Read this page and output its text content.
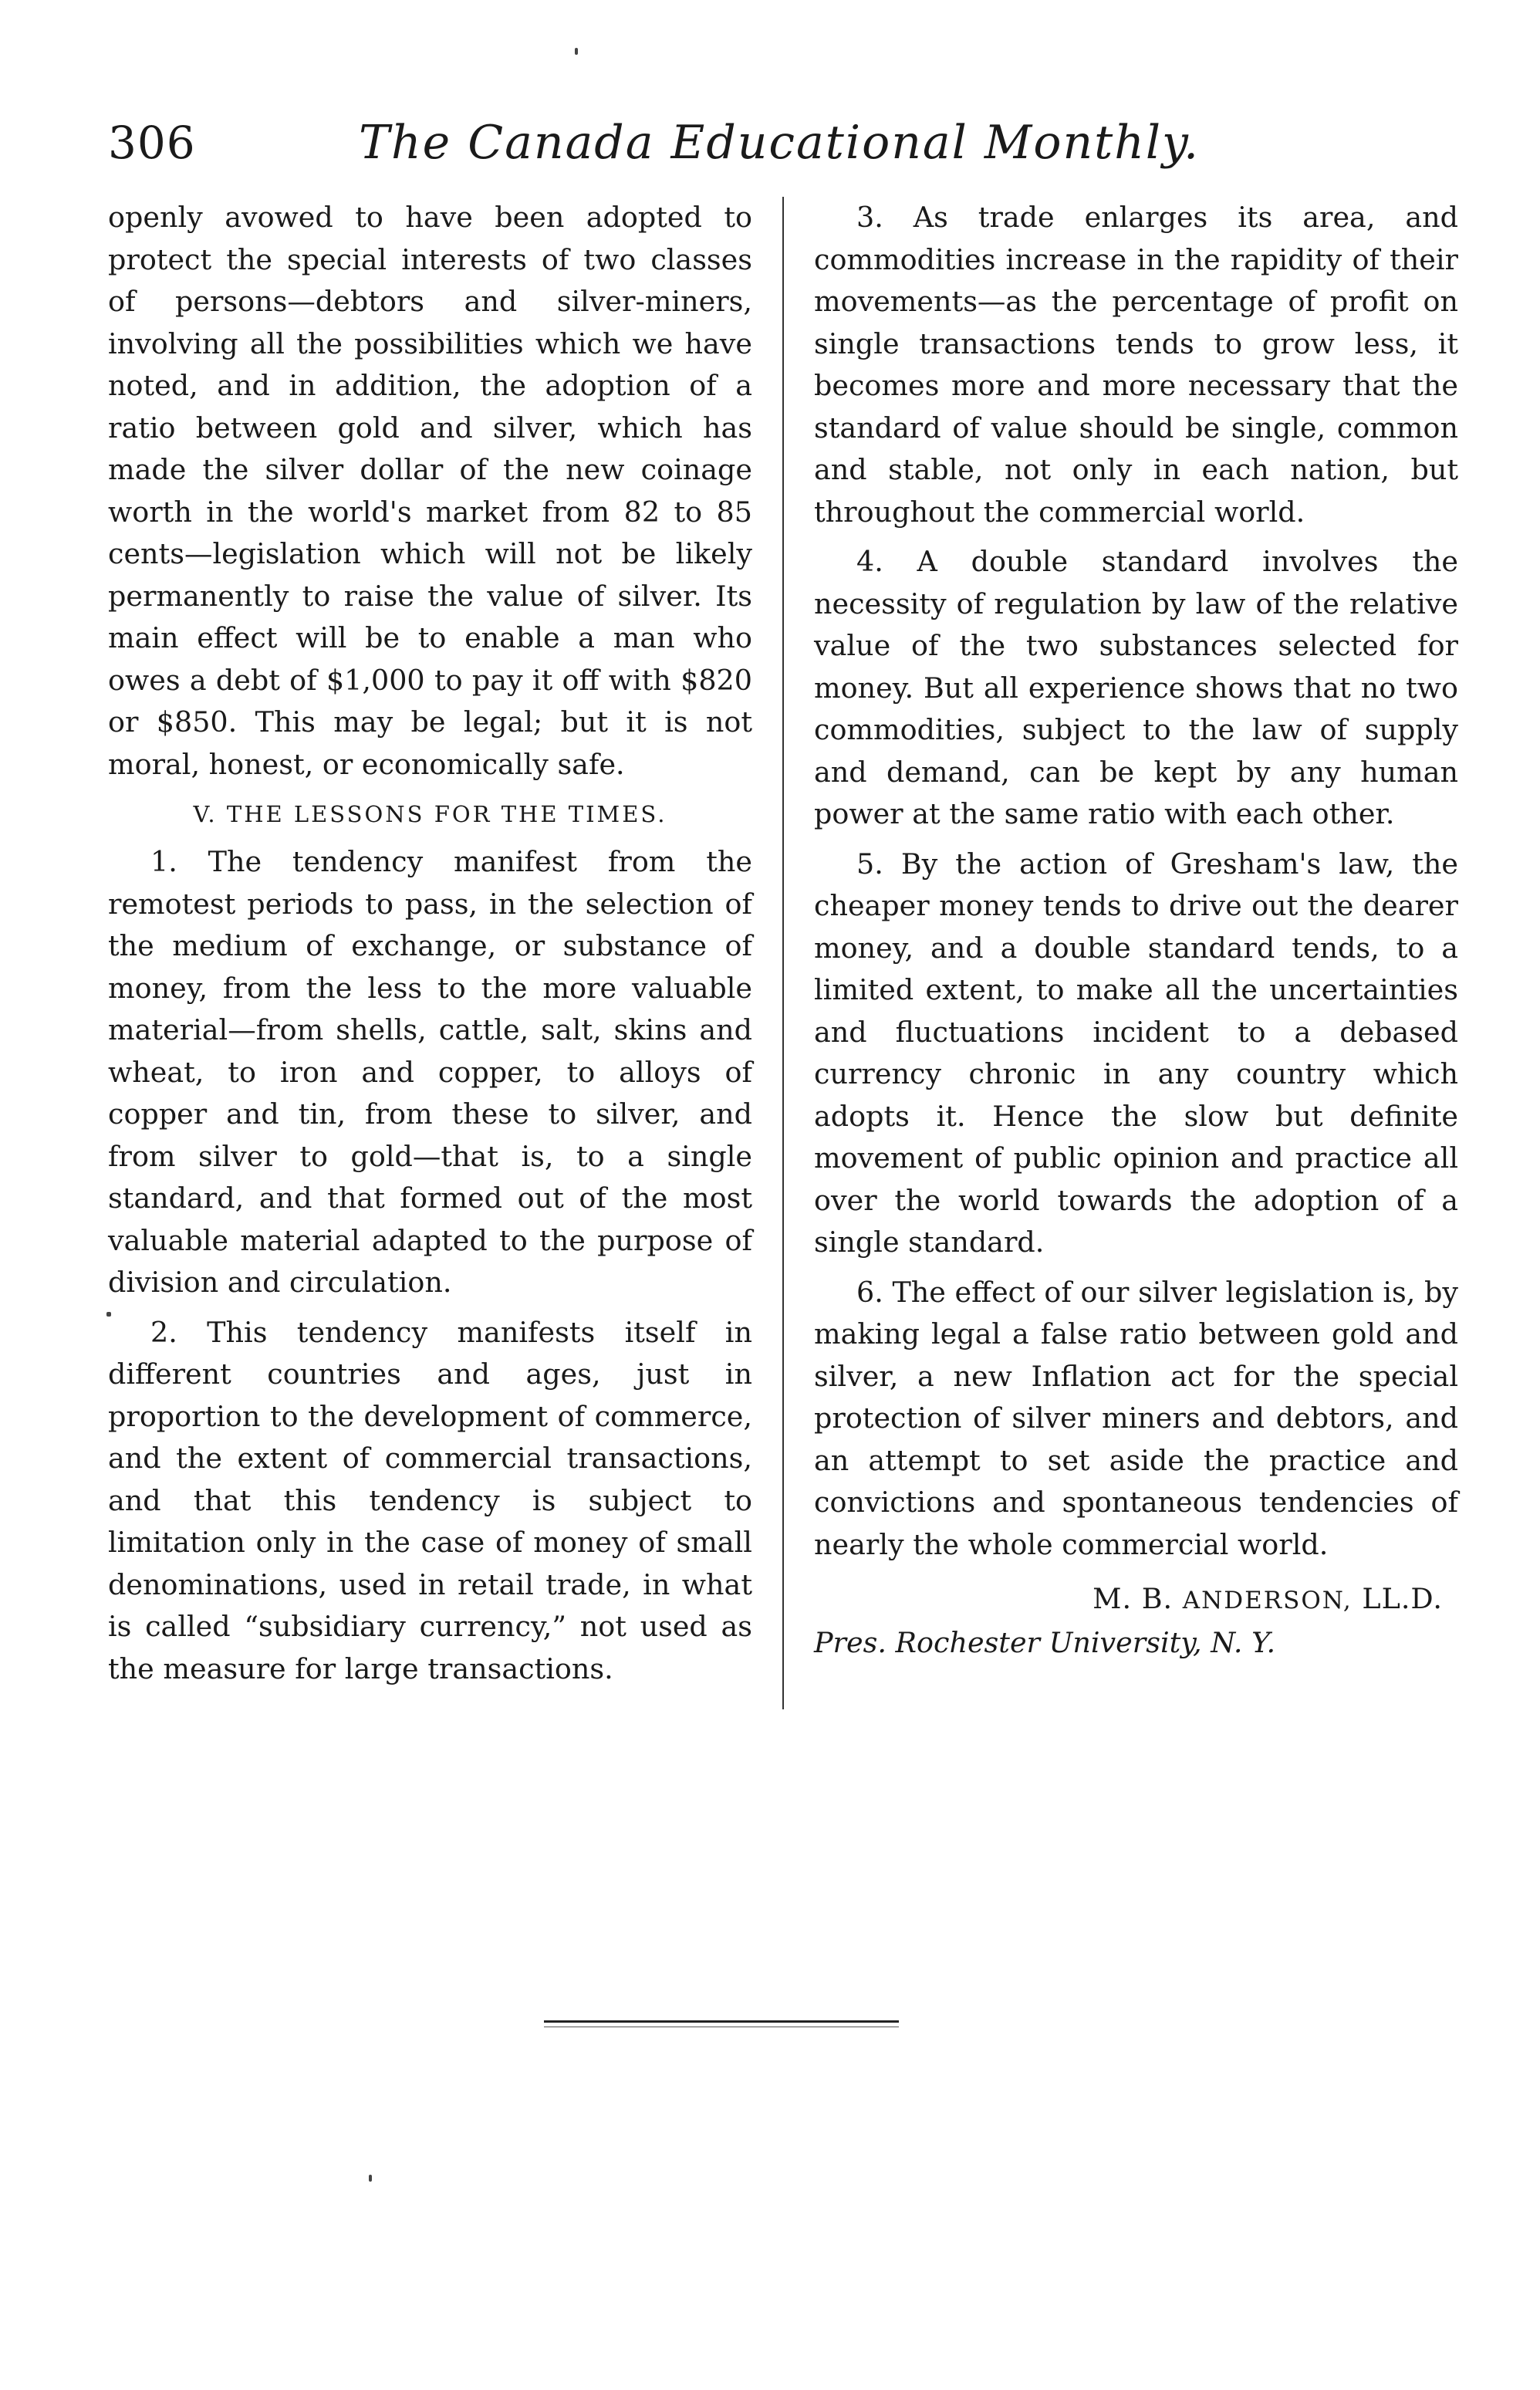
306	The Canada Educational Monthly.

openly avowed to have been adopted to protect the special interests of two classes of persons—debtors and silver-miners, involving all the possibilities which we have noted, and in addition, the adoption of a ratio between gold and silver, which has made the silver dollar of the new coinage worth in the world's market from 82 to 85 cents—legislation which will not be likely permanently to raise the value of silver. Its main effect will be to enable a man who owes a debt of $1,000 to pay it off with $820 or $850. This may be legal; but it is not moral, honest, or economically safe.

V. THE LESSONS FOR THE TIMES.

1. The tendency manifest from the remotest periods to pass, in the selection of the medium of exchange, or substance of money, from the less to the more valuable material—from shells, cattle, salt, skins and wheat, to iron and copper, to alloys of copper and tin, from these to silver, and from silver to gold—that is, to a single standard, and that formed out of the most valuable material adapted to the purpose of division and circulation.

2. This tendency manifests itself in different countries and ages, just in proportion to the development of commerce, and the extent of commercial transactions, and that this tendency is subject to limitation only in the case of money of small denominations, used in retail trade, in what is called “subsidiary currency,” not used as the measure for large transactions.

3. As trade enlarges its area, and commodities increase in the rapidity of their movements—as the percentage of profit on single transactions tends to grow less, it becomes more and more necessary that the standard of value should be single, common and stable, not only in each nation, but throughout the commercial world.

4. A double standard involves the necessity of regulation by law of the relative value of the two substances selected for money. But all experience shows that no two commodities, subject to the law of supply and demand, can be kept by any human power at the same ratio with each other.

5. By the action of Gresham's law, the cheaper money tends to drive out the dearer money, and a double standard tends, to a limited extent, to make all the uncertainties and fluctuations incident to a debased currency chronic in any country which adopts it. Hence the slow but definite movement of public opinion and practice all over the world towards the adoption of a single standard.

6. The effect of our silver legislation is, by making legal a false ratio between gold and silver, a new Inflation act for the special protection of silver miners and debtors, and an attempt to set aside the practice and convictions and spontaneous tendencies of nearly the whole commercial world.

M. B. ANDERSON, LL.D.

Pres. Rochester University, N. Y.
